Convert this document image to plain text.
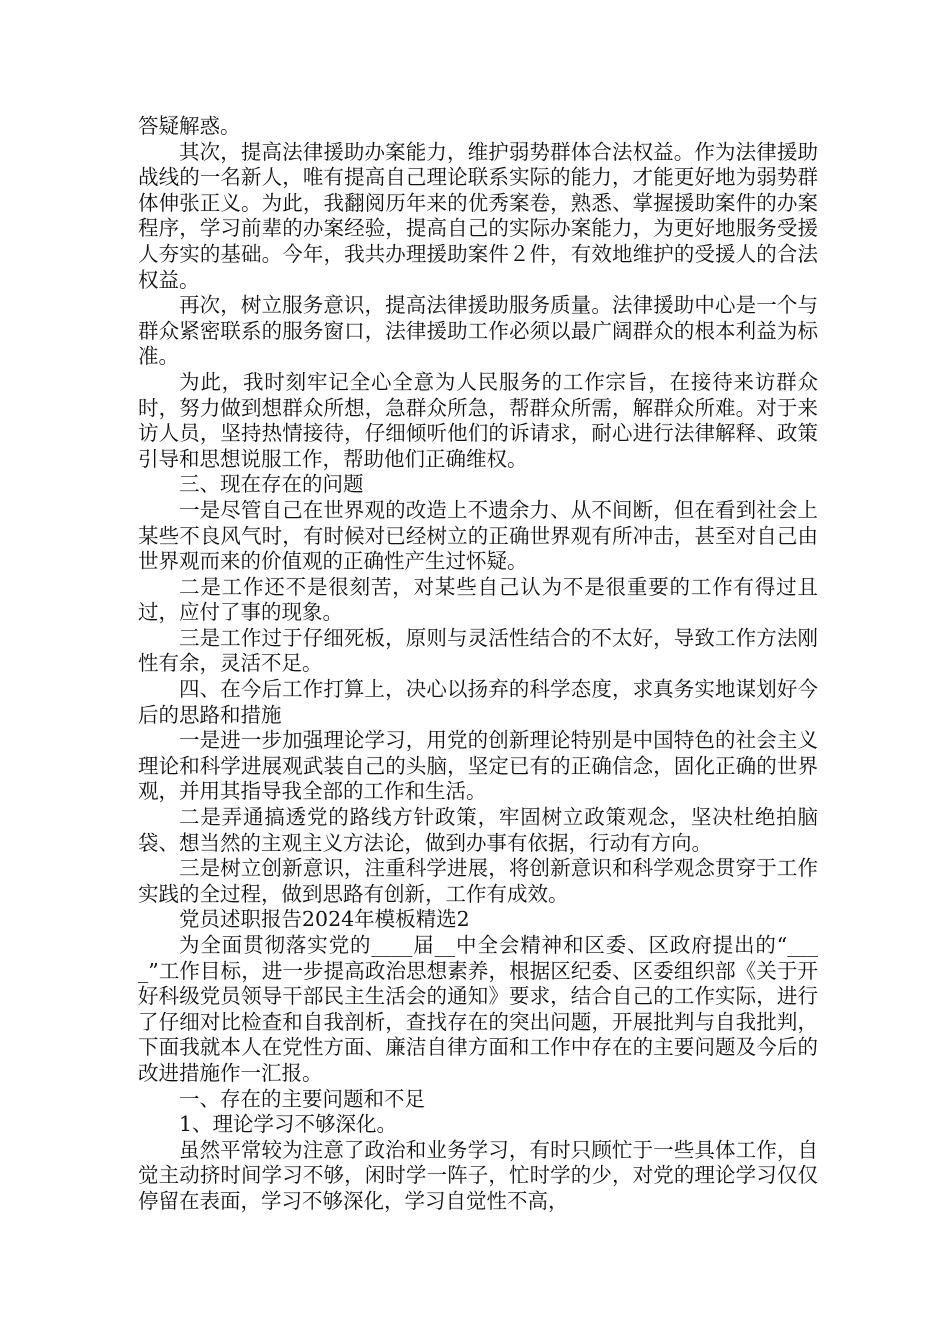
答疑解惑。

其次，提高法律援助办案能力，维护弱势群体合法权益。作为法律援助战线的一名新人，唯有提高自己理论联系实际的能力，才能更好地为弱势群体伸张正义。为此，我翻阅历年来的优秀案卷，熟悉、掌握援助案件的办案程序，学习前辈的办案经验，提高自己的实际办案能力，为更好地服务受援人夯实的基础。今年，我共办理援助案件２件，有效地维护的受援人的合法权益。

再次，树立服务意识，提高法律援助服务质量。法律援助中心是一个与群众紧密联系的服务窗口，法律援助工作必须以最广阔群众的根本利益为标准。

为此，我时刻牢记全心全意为人民服务的工作宗旨，在接待来访群众时，努力做到想群众所想，急群众所急，帮群众所需，解群众所难。对于来访人员，坚持热情接待，仔细倾听他们的诉请求，耐心进行法律解释、政策引导和思想说服工作，帮助他们正确维权。

三、现在存在的问题

一是尽管自己在世界观的改造上不遗余力、从不间断，但在看到社会上某些不良风气时，有时候对已经树立的正确世界观有所冲击，甚至对自己由世界观而来的价值观的正确性产生过怀疑。

二是工作还不是很刻苦，对某些自己认为不是很重要的工作有得过且过，应付了事的现象。

三是工作过于仔细死板，原则与灵活性结合的不太好，导致工作方法刚性有余，灵活不足。

四、在今后工作打算上，决心以扬弃的科学态度，求真务实地谋划好今后的思路和措施

一是进一步加强理论学习，用党的创新理论特别是中国特色的社会主义理论和科学进展观武装自己的头脑，坚定已有的正确信念，固化正确的世界观，并用其指导我全部的工作和生活。

二是弄通搞透党的路线方针政策，牢固树立政策观念，坚决杜绝拍脑袋、想当然的主观主义方法论，做到办事有依据，行动有方向。

三是树立创新意识，注重科学进展，将创新意识和科学观念贯穿于工作实践的全过程，做到思路有创新，工作有成效。

党员述职报告2024年模板精选2

为全面贯彻落实党的____届__中全会精神和区委、区政府提出的“____”工作目标，进一步提高政治思想素养，根据区纪委、区委组织部《关于开好科级党员领导干部民主生活会的通知》要求，结合自己的工作实际，进行了仔细对比检查和自我剖析，查找存在的突出问题，开展批判与自我批判，下面我就本人在党性方面、廉洁自律方面和工作中存在的主要问题及今后的改进措施作一汇报。

一、存在的主要问题和不足

1、理论学习不够深化。

虽然平常较为注意了政治和业务学习，有时只顾忙于一些具体工作，自觉主动挤时间学习不够，闲时学一阵子，忙时学的少，对党的理论学习仅仅停留在表面，学习不够深化，学习自觉性不高，
